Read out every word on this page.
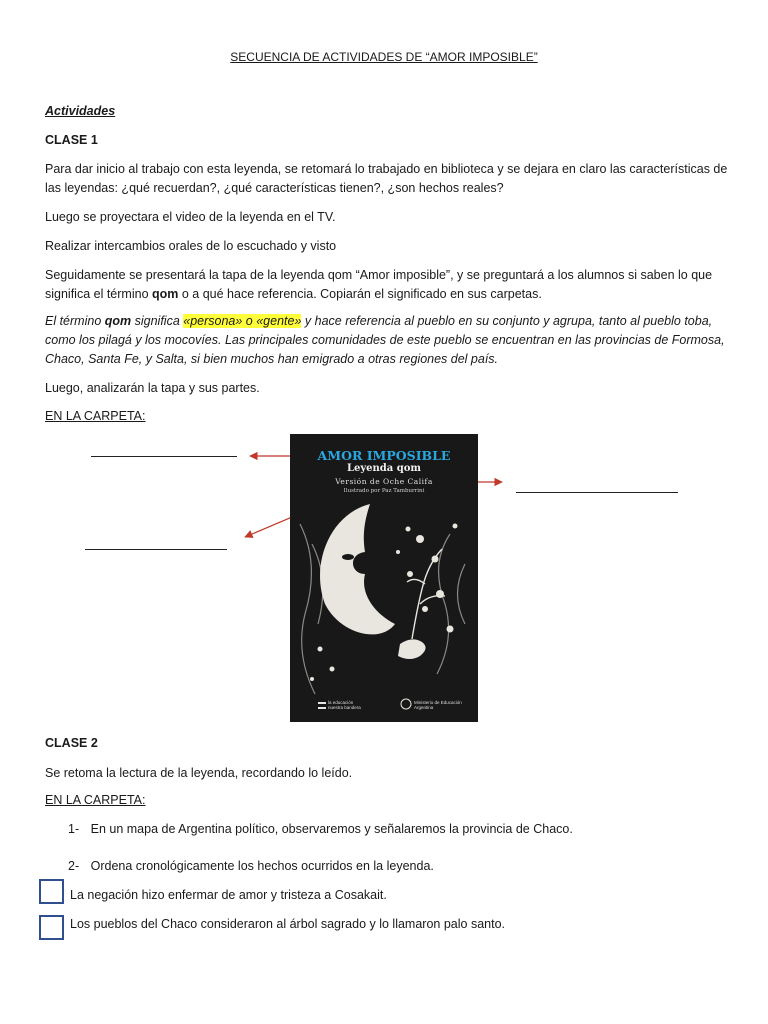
SECUENCIA DE ACTIVIDADES DE “AMOR IMPOSIBLE”
Actividades
CLASE 1

Para dar inicio al trabajo con esta leyenda, se retomará lo trabajado en biblioteca y se dejara en claro las características de las leyendas: ¿qué recuerdan?, ¿qué características tienen?, ¿son hechos reales?

Luego se proyectara el video de la leyenda en el TV.

Realizar intercambios orales de lo escuchado y visto

Seguidamente se presentará la tapa de la leyenda qom “Amor imposible”, y se preguntará a los alumnos si saben lo que significa el término qom o a qué hace referencia. Copiarán el significado en sus carpetas.

El término qom significa «persona» o «gente» y hace referencia al pueblo en su conjunto y agrupa, tanto al pueblo toba, como los pilagá y los mocovíes. Las principales comunidades de este pueblo se encuentran en las provincias de Formosa, Chaco, Santa Fe, y Salta, si bien muchos han emigrado a otras regiones del país.

Luego, analizarán la tapa y sus partes.

EN LA CARPETA:
AMOR IMPOSIBLE
Leyenda qom
Versión de Oche Califa
Ilustrado por Paz Tamburrini
la educación
nuestra bandera
Ministerio de Educación
Argentina
CLASE 2

Se retoma la lectura de la leyenda, recordando lo leído.

EN LA CARPETA:
1- En un mapa de Argentina político, observaremos y señalaremos la provincia de Chaco.
2- Ordena cronológicamente los hechos ocurridos en la leyenda.
La negación hizo enfermar de amor y tristeza a Cosakait.
Los pueblos del Chaco consideraron al árbol sagrado y lo llamaron palo santo.
